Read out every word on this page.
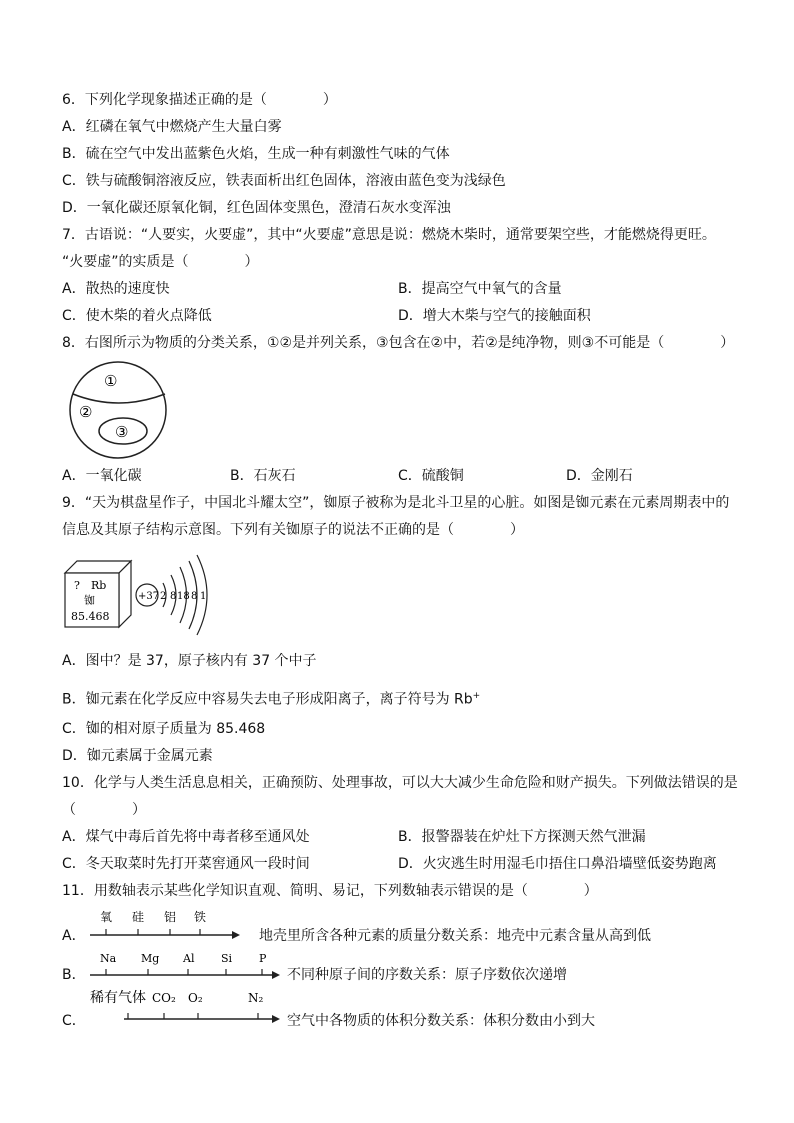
6．下列化学现象描述正确的是（　　　　）
A．红磷在氧气中燃烧产生大量白雾
B．硫在空气中发出蓝紫色火焰，生成一种有刺激性气味的气体
C．铁与硫酸铜溶液反应，铁表面析出红色固体，溶液由蓝色变为浅绿色
D．一氧化碳还原氧化铜，红色固体变黑色，澄清石灰水变浑浊
7．古语说：“人要实，火要虚”，其中“火要虚”意思是说：燃烧木柴时，通常要架空些，才能燃烧得更旺。
“火要虚”的实质是（　　　　）
A．散热的速度快	B．提高空气中氧气的含量
C．使木柴的着火点降低	D．增大木柴与空气的接触面积
8．右图所示为物质的分类关系，①②是并列关系，③包含在②中，若②是纯净物，则③不可能是（　　　　）
①
②
③
A．一氧化碳	B．石灰石	C．硫酸铜	D．金刚石
9．“天为棋盘星作子，中国北斗耀太空”，铷原子被称为是北斗卫星的心脏。如图是铷元素在元素周期表中的
信息及其原子结构示意图。下列有关铷原子的说法不正确的是（　　　　）
? Rb
铷
85.468
+37 2 8 18 8 1
A．图中？是 37，原子核内有 37 个中子
B．铷元素在化学反应中容易失去电子形成阳离子，离子符号为 Rb+
C．铷的相对原子质量为 85.468
D．铷元素属于金属元素
10．化学与人类生活息息相关，正确预防、处理事故，可以大大减少生命危险和财产损失。下列做法错误的是
（　　　　）
A．煤气中毒后首先将中毒者移至通风处	B．报警器装在炉灶下方探测天然气泄漏
C．冬天取菜时先打开菜窖通风一段时间	D．火灾逃生时用湿毛巾捂住口鼻沿墙壁低姿势跑离
11．用数轴表示某些化学知识直观、简明、易记，下列数轴表示错误的是（　　　　）
A．
氧 硅 铝 铁
地壳里所含各种元素的质量分数关系：地壳中元素含量从高到低
B．
Na Mg Al Si P
不同种原子间的序数关系：原子序数依次递增
C．
稀有气体 CO₂ O₂	N₂
空气中各物质的体积分数关系：体积分数由小到大
